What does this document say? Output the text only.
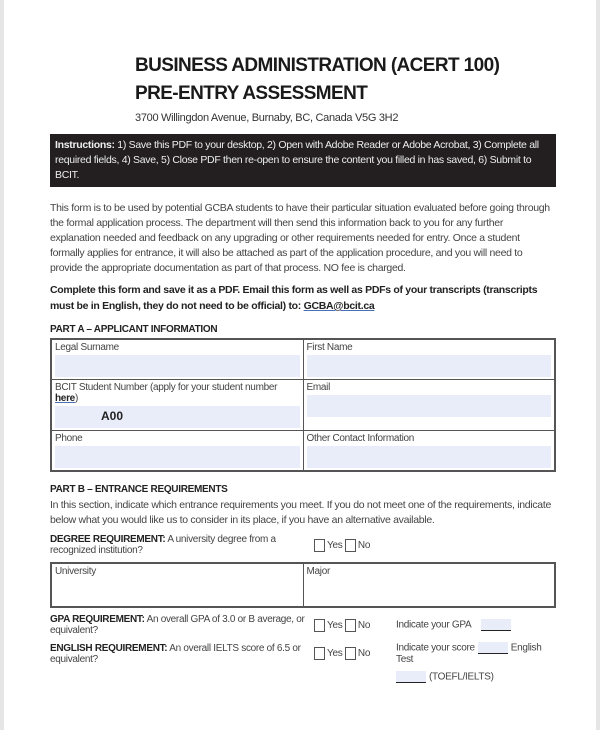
BUSINESS ADMINISTRATION (ACERT 100)
PRE-ENTRY ASSESSMENT
3700 Willingdon Avenue, Burnaby, BC, Canada V5G 3H2
Instructions: 1) Save this PDF to your desktop, 2) Open with Adobe Reader or Adobe Acrobat, 3) Complete all required fields, 4) Save, 5) Close PDF then re-open to ensure the content you filled in has saved, 6) Submit to BCIT.

This form is to be used by potential GCBA students to have their particular situation evaluated before going through the formal application process. The department will then send this information back to you for any further explanation needed and feedback on any upgrading or other requirements needed for entry. Once a student formally applies for entrance, it will also be attached as part of the application procedure, and you will need to provide the appropriate documentation as part of that process. NO fee is charged.

Complete this form and save it as a PDF. Email this form as well as PDFs of your transcripts (transcripts must be in English, they do not need to be official) to: GCBA@bcit.ca

PART A – APPLICANT INFORMATION
Legal Surname	First Name

BCIT Student Number (apply for your student number here)
A00	Email

Phone	Other Contact Information
PART B – ENTRANCE REQUIREMENTS

In this section, indicate which entrance requirements you meet. If you do not meet one of the requirements, indicate below what you would like us to consider in its place, if you have an alternative available.

DEGREE REQUIREMENT: A university degree from a recognized institution?	Yes No
University	Major
GPA REQUIREMENT: An overall GPA of 3.0 or B average, or equivalent?	Yes No	Indicate your GPA
ENGLISH REQUIREMENT: An overall IELTS score of 6.5 or equivalent?	Yes No	Indicate your score	English Test
(TOEFL/IELTS)
